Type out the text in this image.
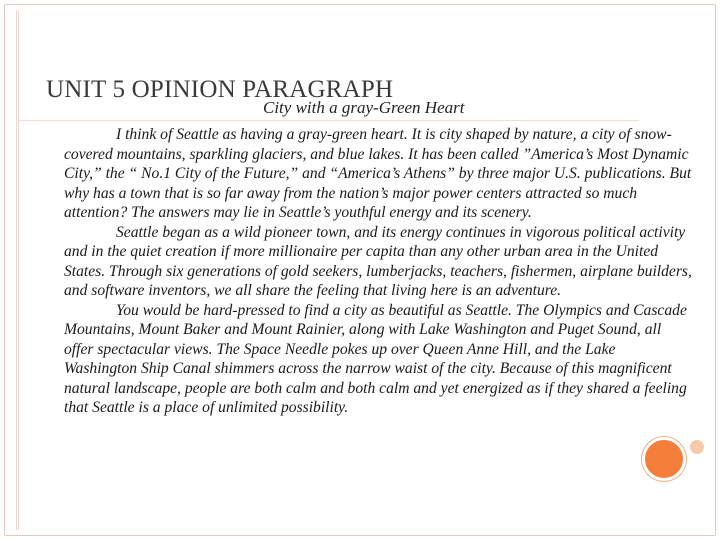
UNIT 5 OPINION PARAGRAPH
City with a gray-Green Heart

I think of Seattle as having a gray-green heart. It is city shaped by nature, a city of snow-covered mountains, sparkling glaciers, and blue lakes. It has been called ”America’s Most Dynamic City,” the “ No.1 City of the Future,” and “America’s Athens” by three major U.S. publications. But why has a town that is so far away from the nation’s major power centers attracted so much attention? The answers may lie in Seattle’s youthful energy and its scenery.

Seattle began as a wild pioneer town, and its energy continues in vigorous political activity and in the quiet creation if more millionaire per capita than any other urban area in the United States. Through six generations of gold seekers, lumberjacks, teachers, fishermen, airplane builders, and software inventors, we all share the feeling that living here is an adventure.

You would be hard-pressed to find a city as beautiful as Seattle. The Olympics and Cascade Mountains, Mount Baker and Mount Rainier, along with Lake Washington and Puget Sound, all offer spectacular views. The Space Needle pokes up over Queen Anne Hill, and the Lake Washington Ship Canal shimmers across the narrow waist of the city. Because of this magnificent natural landscape, people are both calm and both calm and yet energized as if they shared a feeling that Seattle is a place of unlimited possibility.
